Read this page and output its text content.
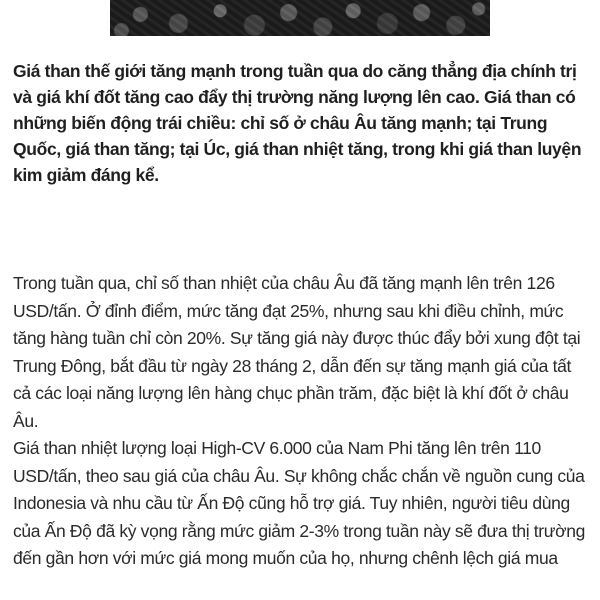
Giá than thế giới tăng mạnh trong tuần qua do căng thẳng địa chính trị và giá khí đốt tăng cao đẩy thị trường năng lượng lên cao. Giá than có những biến động trái chiều: chỉ số ở châu Âu tăng mạnh; tại Trung Quốc, giá than tăng; tại Úc, giá than nhiệt tăng, trong khi giá than luyện kim giảm đáng kể.

Trong tuần qua, chỉ số than nhiệt của châu Âu đã tăng mạnh lên trên 126 USD/tấn. Ở đỉnh điểm, mức tăng đạt 25%, nhưng sau khi điều chỉnh, mức tăng hàng tuần chỉ còn 20%. Sự tăng giá này được thúc đẩy bởi xung đột tại Trung Đông, bắt đầu từ ngày 28 tháng 2, dẫn đến sự tăng mạnh giá của tất cả các loại năng lượng lên hàng chục phần trăm, đặc biệt là khí đốt ở châu Âu.

Giá than nhiệt lượng loại High-CV 6.000 của Nam Phi tăng lên trên 110 USD/tấn, theo sau giá của châu Âu. Sự không chắc chắn về nguồn cung của Indonesia và nhu cầu từ Ấn Độ cũng hỗ trợ giá. Tuy nhiên, người tiêu dùng của Ấn Độ đã kỳ vọng rằng mức giảm 2-3% trong tuần này sẽ đưa thị trường đến gần hơn với mức giá mong muốn của họ, nhưng chênh lệch giá mua
